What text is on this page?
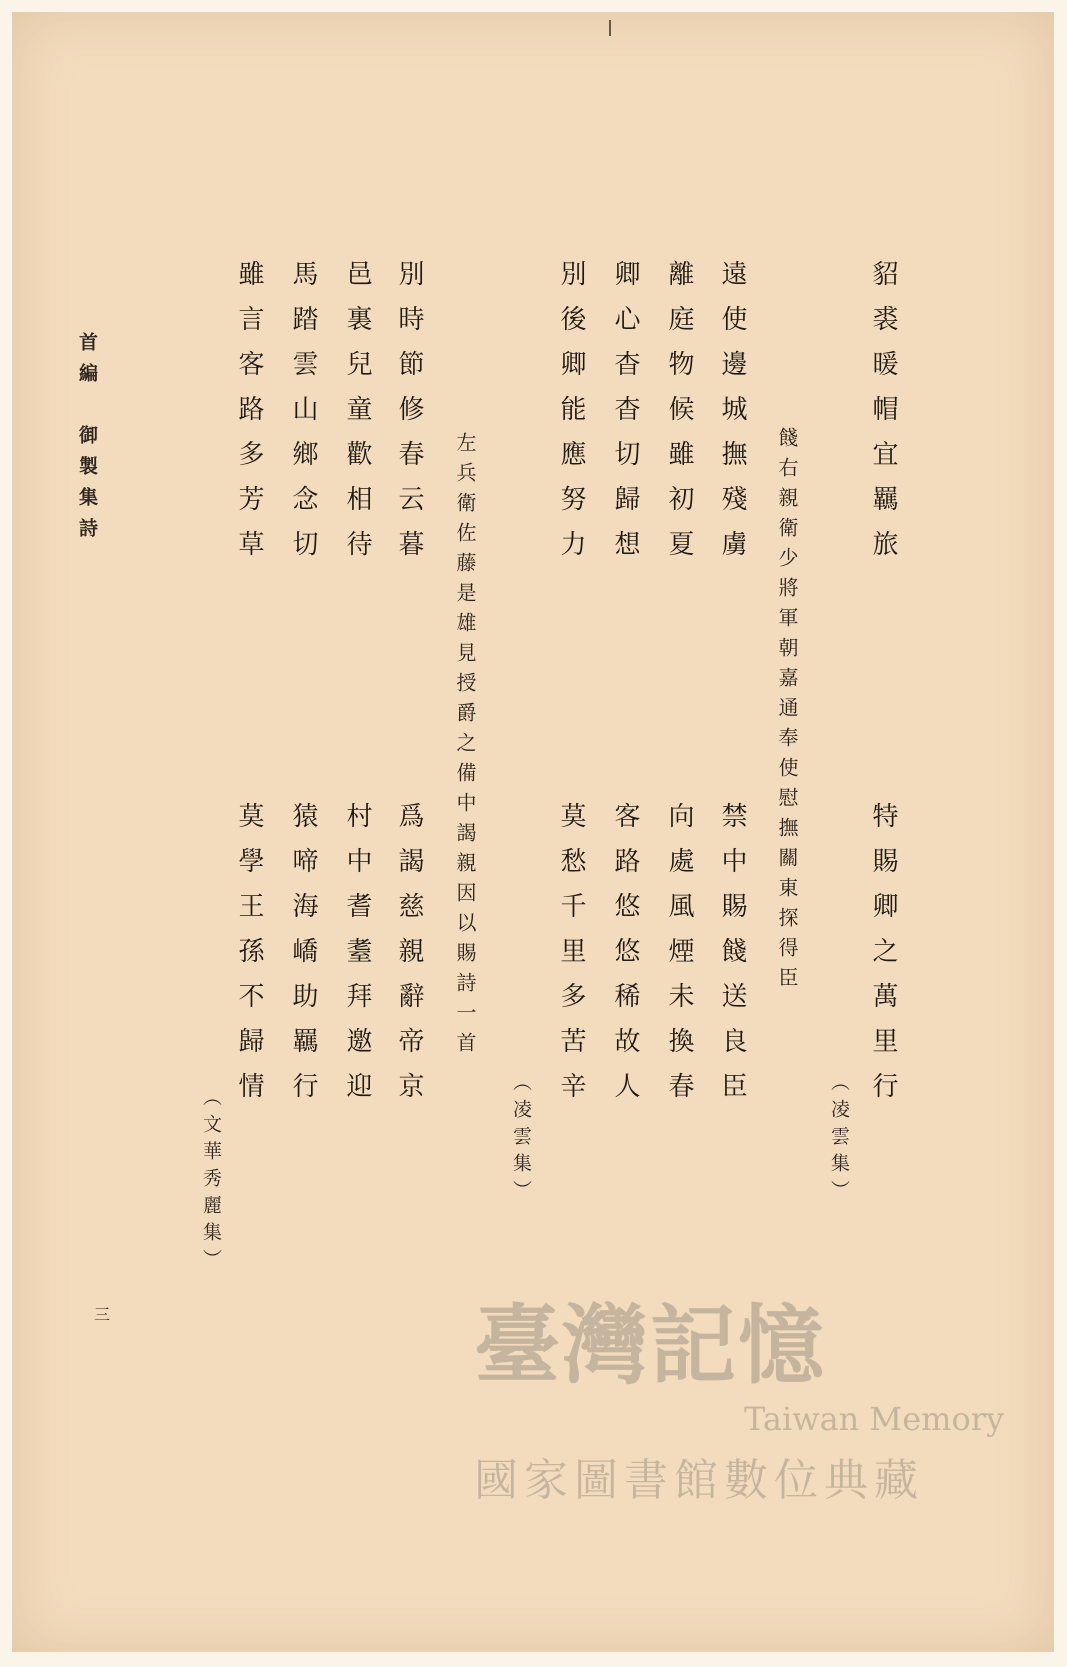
貂裘暖帽宜羈旅
特賜卿之萬里行
（凌雲集）
餞右親衛少將軍朝嘉通奉使慰撫關東探得臣
遠使邊城撫殘虜
離庭物候雖初夏
卿心杳杳切歸想
別後卿能應努力
禁中賜餞送良臣
向處風煙未換春
客路悠悠稀故人
莫愁千里多苦辛
（凌雲集）
左兵衛佐藤是雄見授爵之備中謁親因以賜詩一首
別時節修春云暮
邑裏兒童歡相待
馬踏雲山鄉念切
雖言客路多芳草
爲謁慈親辭帝京
村中耆耋拜邀迎
猿啼海嶠助羈行
莫學王孫不歸情
（文華秀麗集）
首編　御製集詩
三	臺灣記憶
Taiwan Memory
國家圖書館數位典藏
